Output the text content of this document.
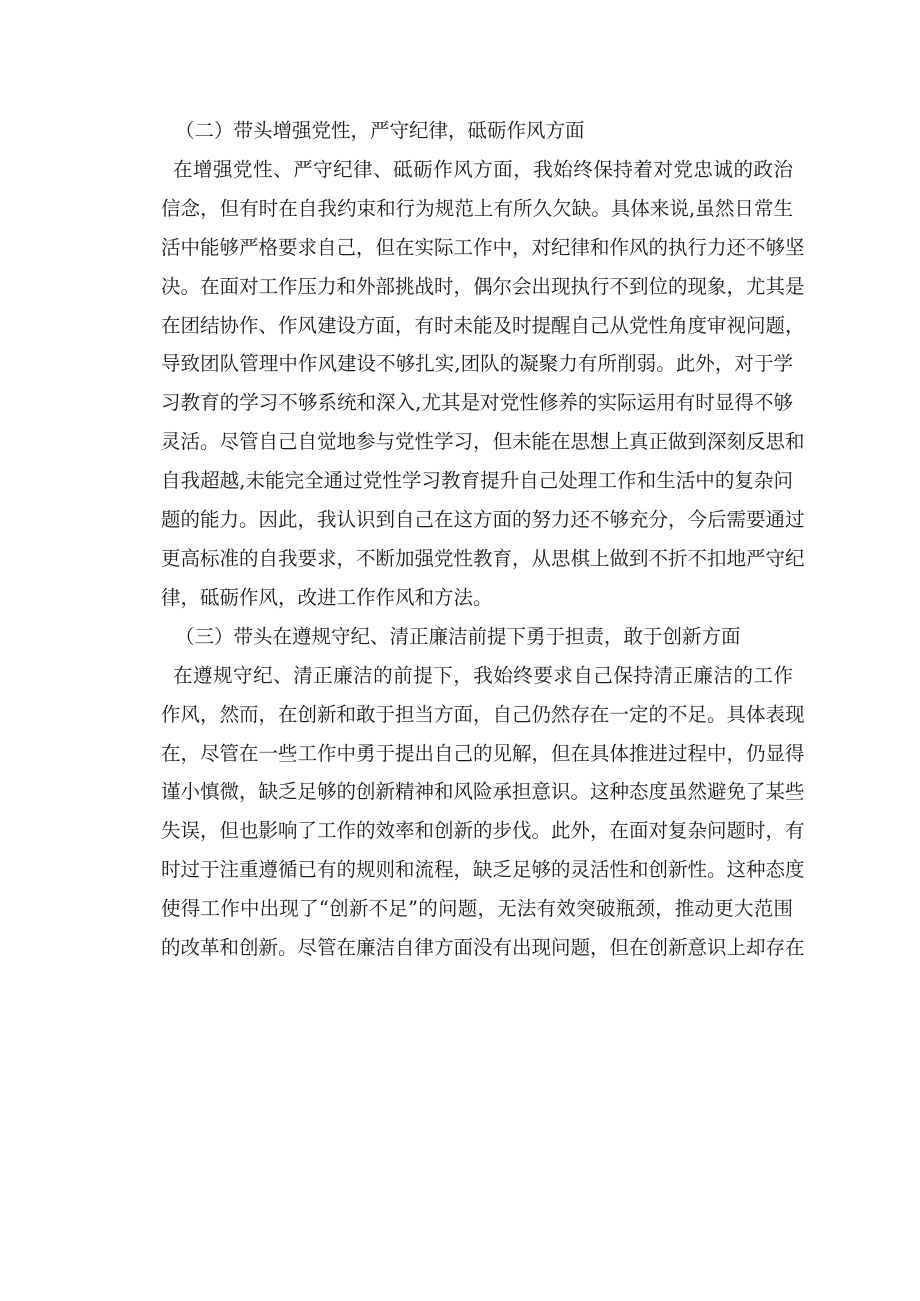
（二）带头增强党性，严守纪律，砥砺作风方面

在增强党性、严守纪律、砥砺作风方面，我始终保持着对党忠诚的政治
信念，但有时在自我约束和行为规范上有所久欠缺。具体来说,虽然日常生
活中能够严格要求自己，但在实际工作中，对纪律和作风的执行力还不够坚
决。在面对工作压力和外部挑战时，偶尔会出现执行不到位的现象，尤其是
在团结协作、作风建设方面，有时未能及时提醒自己从党性角度审视问题，
导致团队管理中作风建设不够扎实,团队的凝聚力有所削弱。此外，对于学
习教育的学习不够系统和深入,尤其是对党性修养的实际运用有时显得不够
灵活。尽管自己自觉地参与党性学习，但未能在思想上真正做到深刻反思和
自我超越,未能完全通过党性学习教育提升自己处理工作和生活中的复杂问
题的能力。因此，我认识到自己在这方面的努力还不够充分，今后需要通过
更高标准的自我要求，不断加强党性教育，从思棋上做到不折不扣地严守纪
律，砥砺作风，改进工作作风和方法。

（三）带头在遵规守纪、清正廉洁前提下勇于担责，敢于创新方面

在遵规守纪、清正廉洁的前提下，我始终要求自己保持清正廉洁的工作
作风，然而，在创新和敢于担当方面，自己仍然存在一定的不足。具体表现
在，尽管在一些工作中勇于提出自己的见解，但在具体推进过程中，仍显得
谨小慎微，缺乏足够的创新精神和风险承担意识。这种态度虽然避免了某些
失误，但也影响了工作的效率和创新的步伐。此外，在面对复杂问题时，有
时过于注重遵循已有的规则和流程，缺乏足够的灵活性和创新性。这种态度
使得工作中出现了“创新不足”的问题，无法有效突破瓶颈，推动更大范围
的改革和创新。尽管在廉洁自律方面没有出现问题，但在创新意识上却存在
